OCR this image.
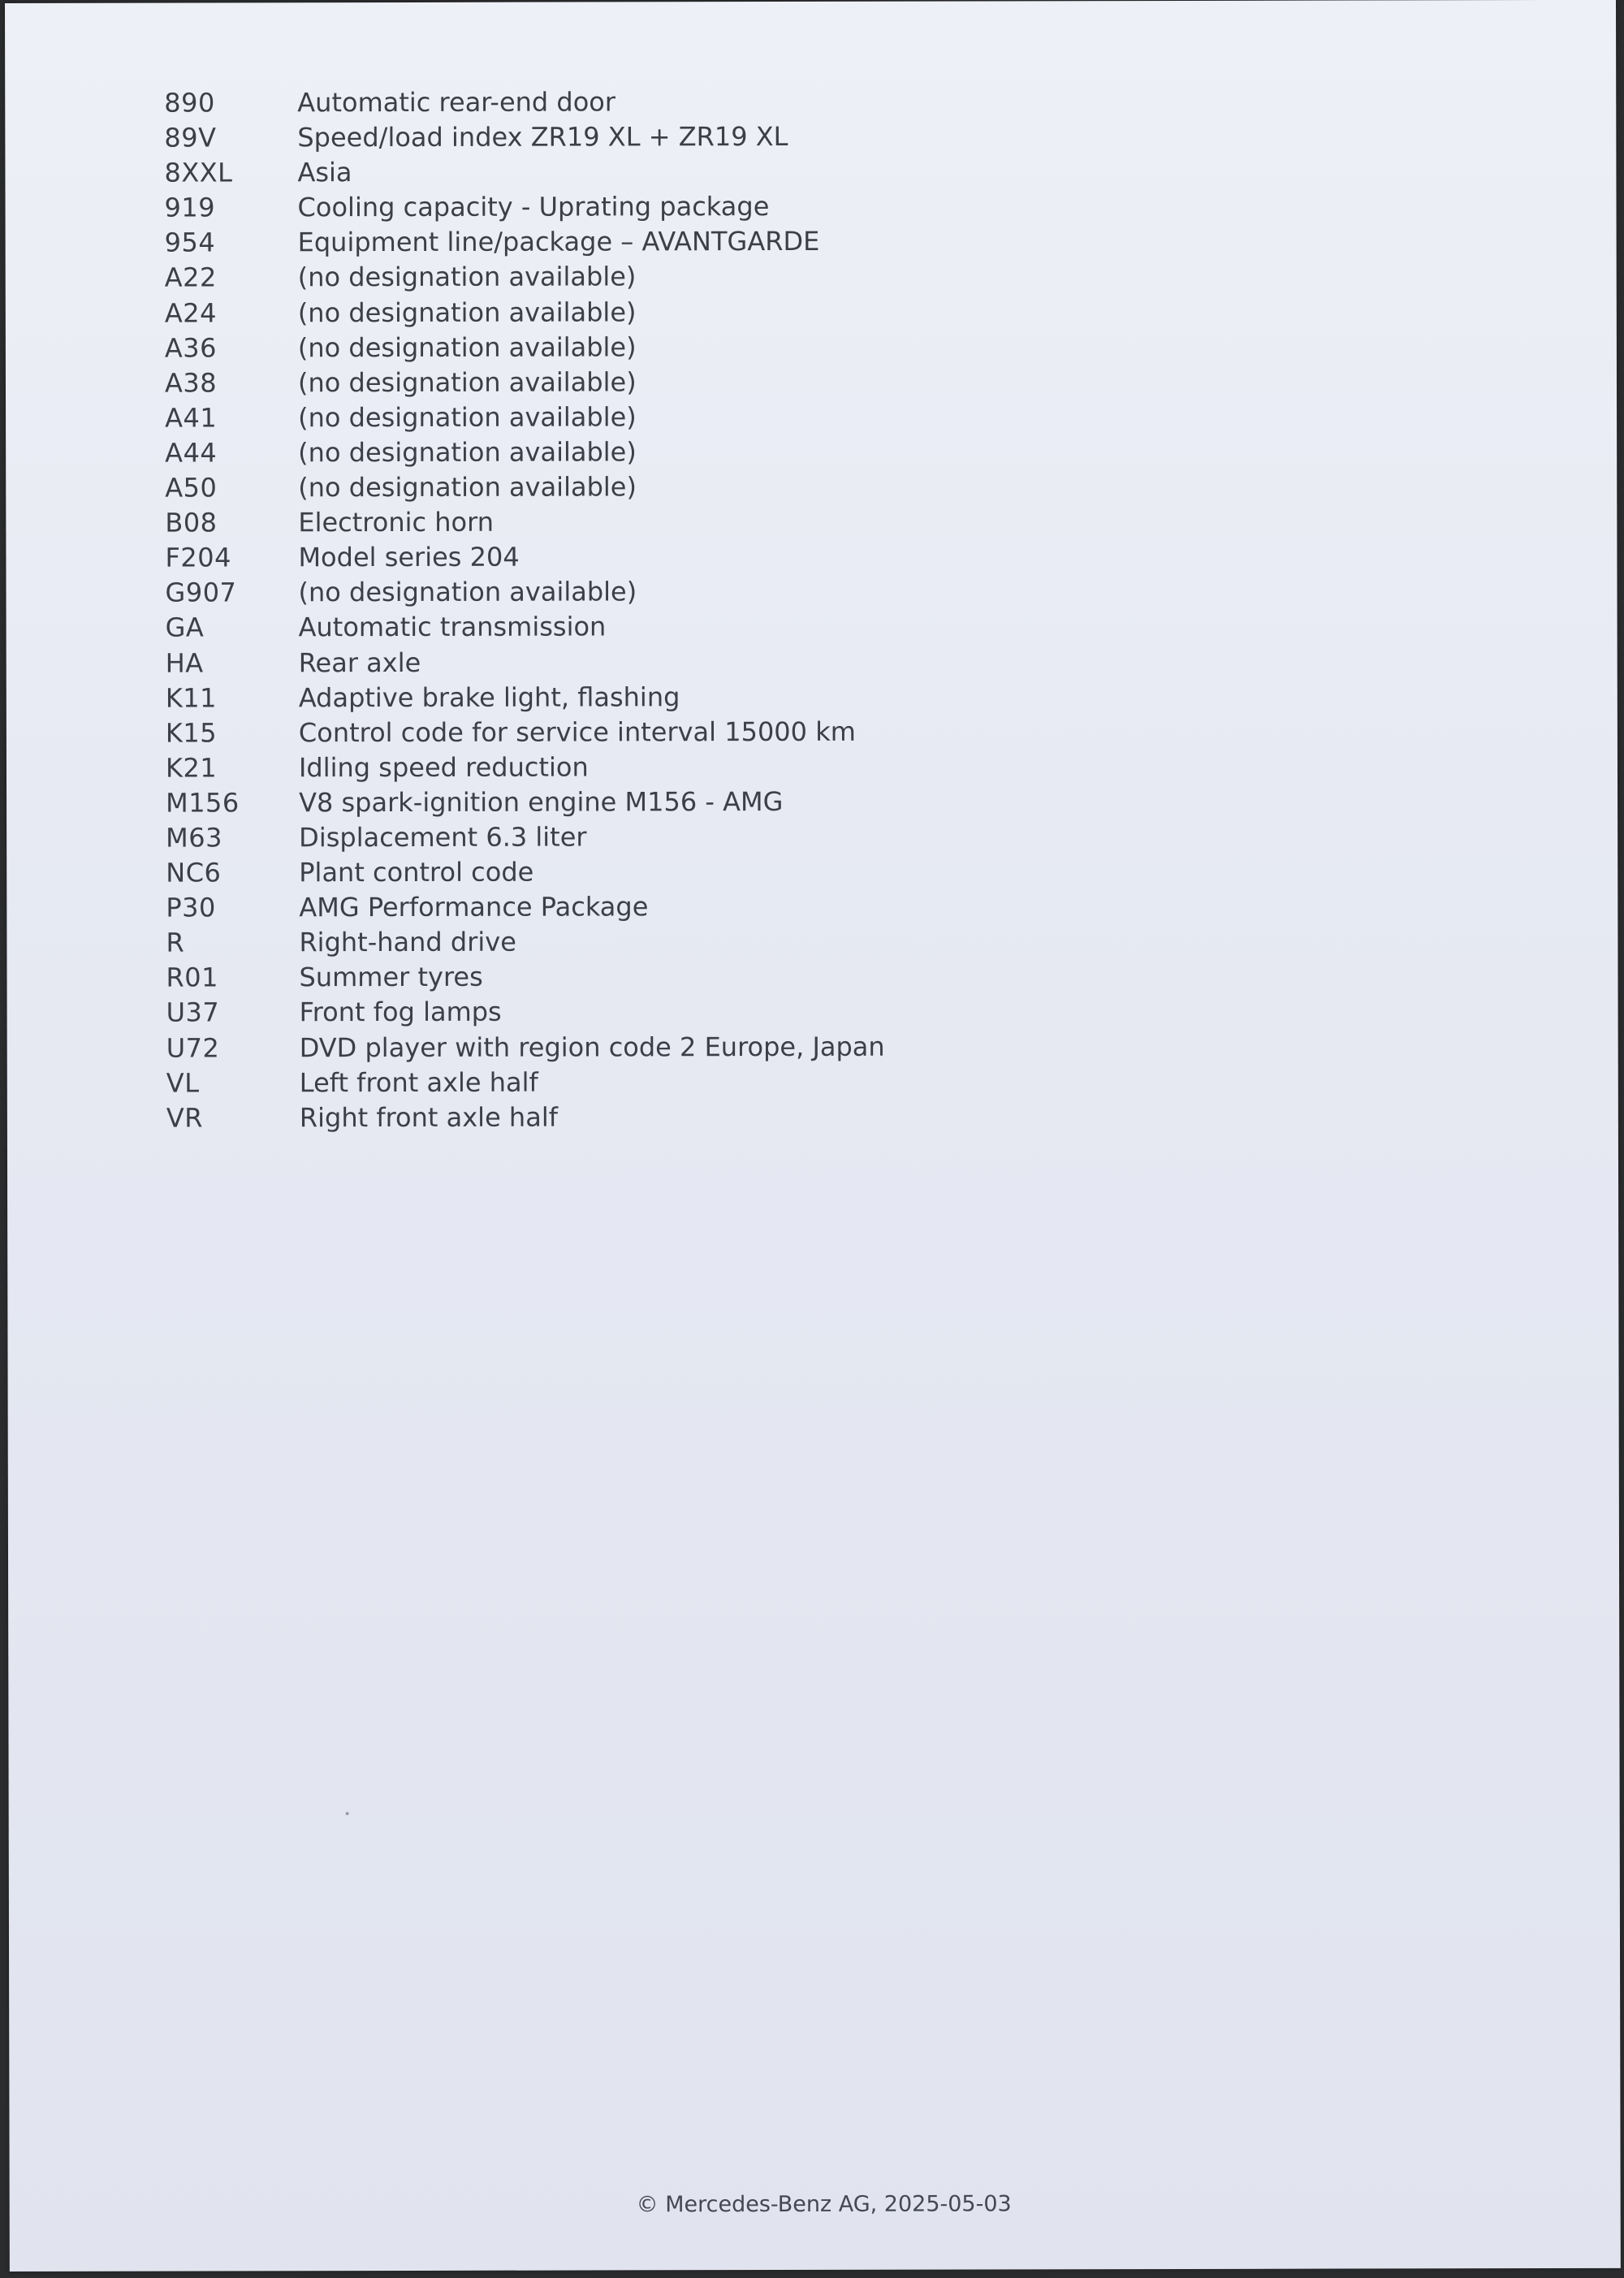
890	Automatic rear-end door
89V	Speed/load index ZR19 XL + ZR19 XL
8XXL Asia
919	Cooling capacity - Uprating package
954	Equipment line/package – AVANTGARDE
A22	(no designation available)
A24	(no designation available)
A36	(no designation available)
A38	(no designation available)
A41	(no designation available)
A44	(no designation available)
A50	(no designation available)
B08	Electronic horn
F204	Model series 204
G907 (no designation available)
GA	Automatic transmission
HA	Rear axle
K11	Adaptive brake light, flashing
K15	Control code for service interval 15000 km
K21	Idling speed reduction
M156 V8 spark-ignition engine M156 - AMG
M63	Displacement 6.3 liter
NC6	Plant control code
P30	AMG Performance Package
R	Right-hand drive
R01	Summer tyres
U37	Front fog lamps
U72	DVD player with region code 2 Europe, Japan
VL	Left front axle half
VR	Right front axle half
© Mercedes-Benz AG, 2025-05-03
